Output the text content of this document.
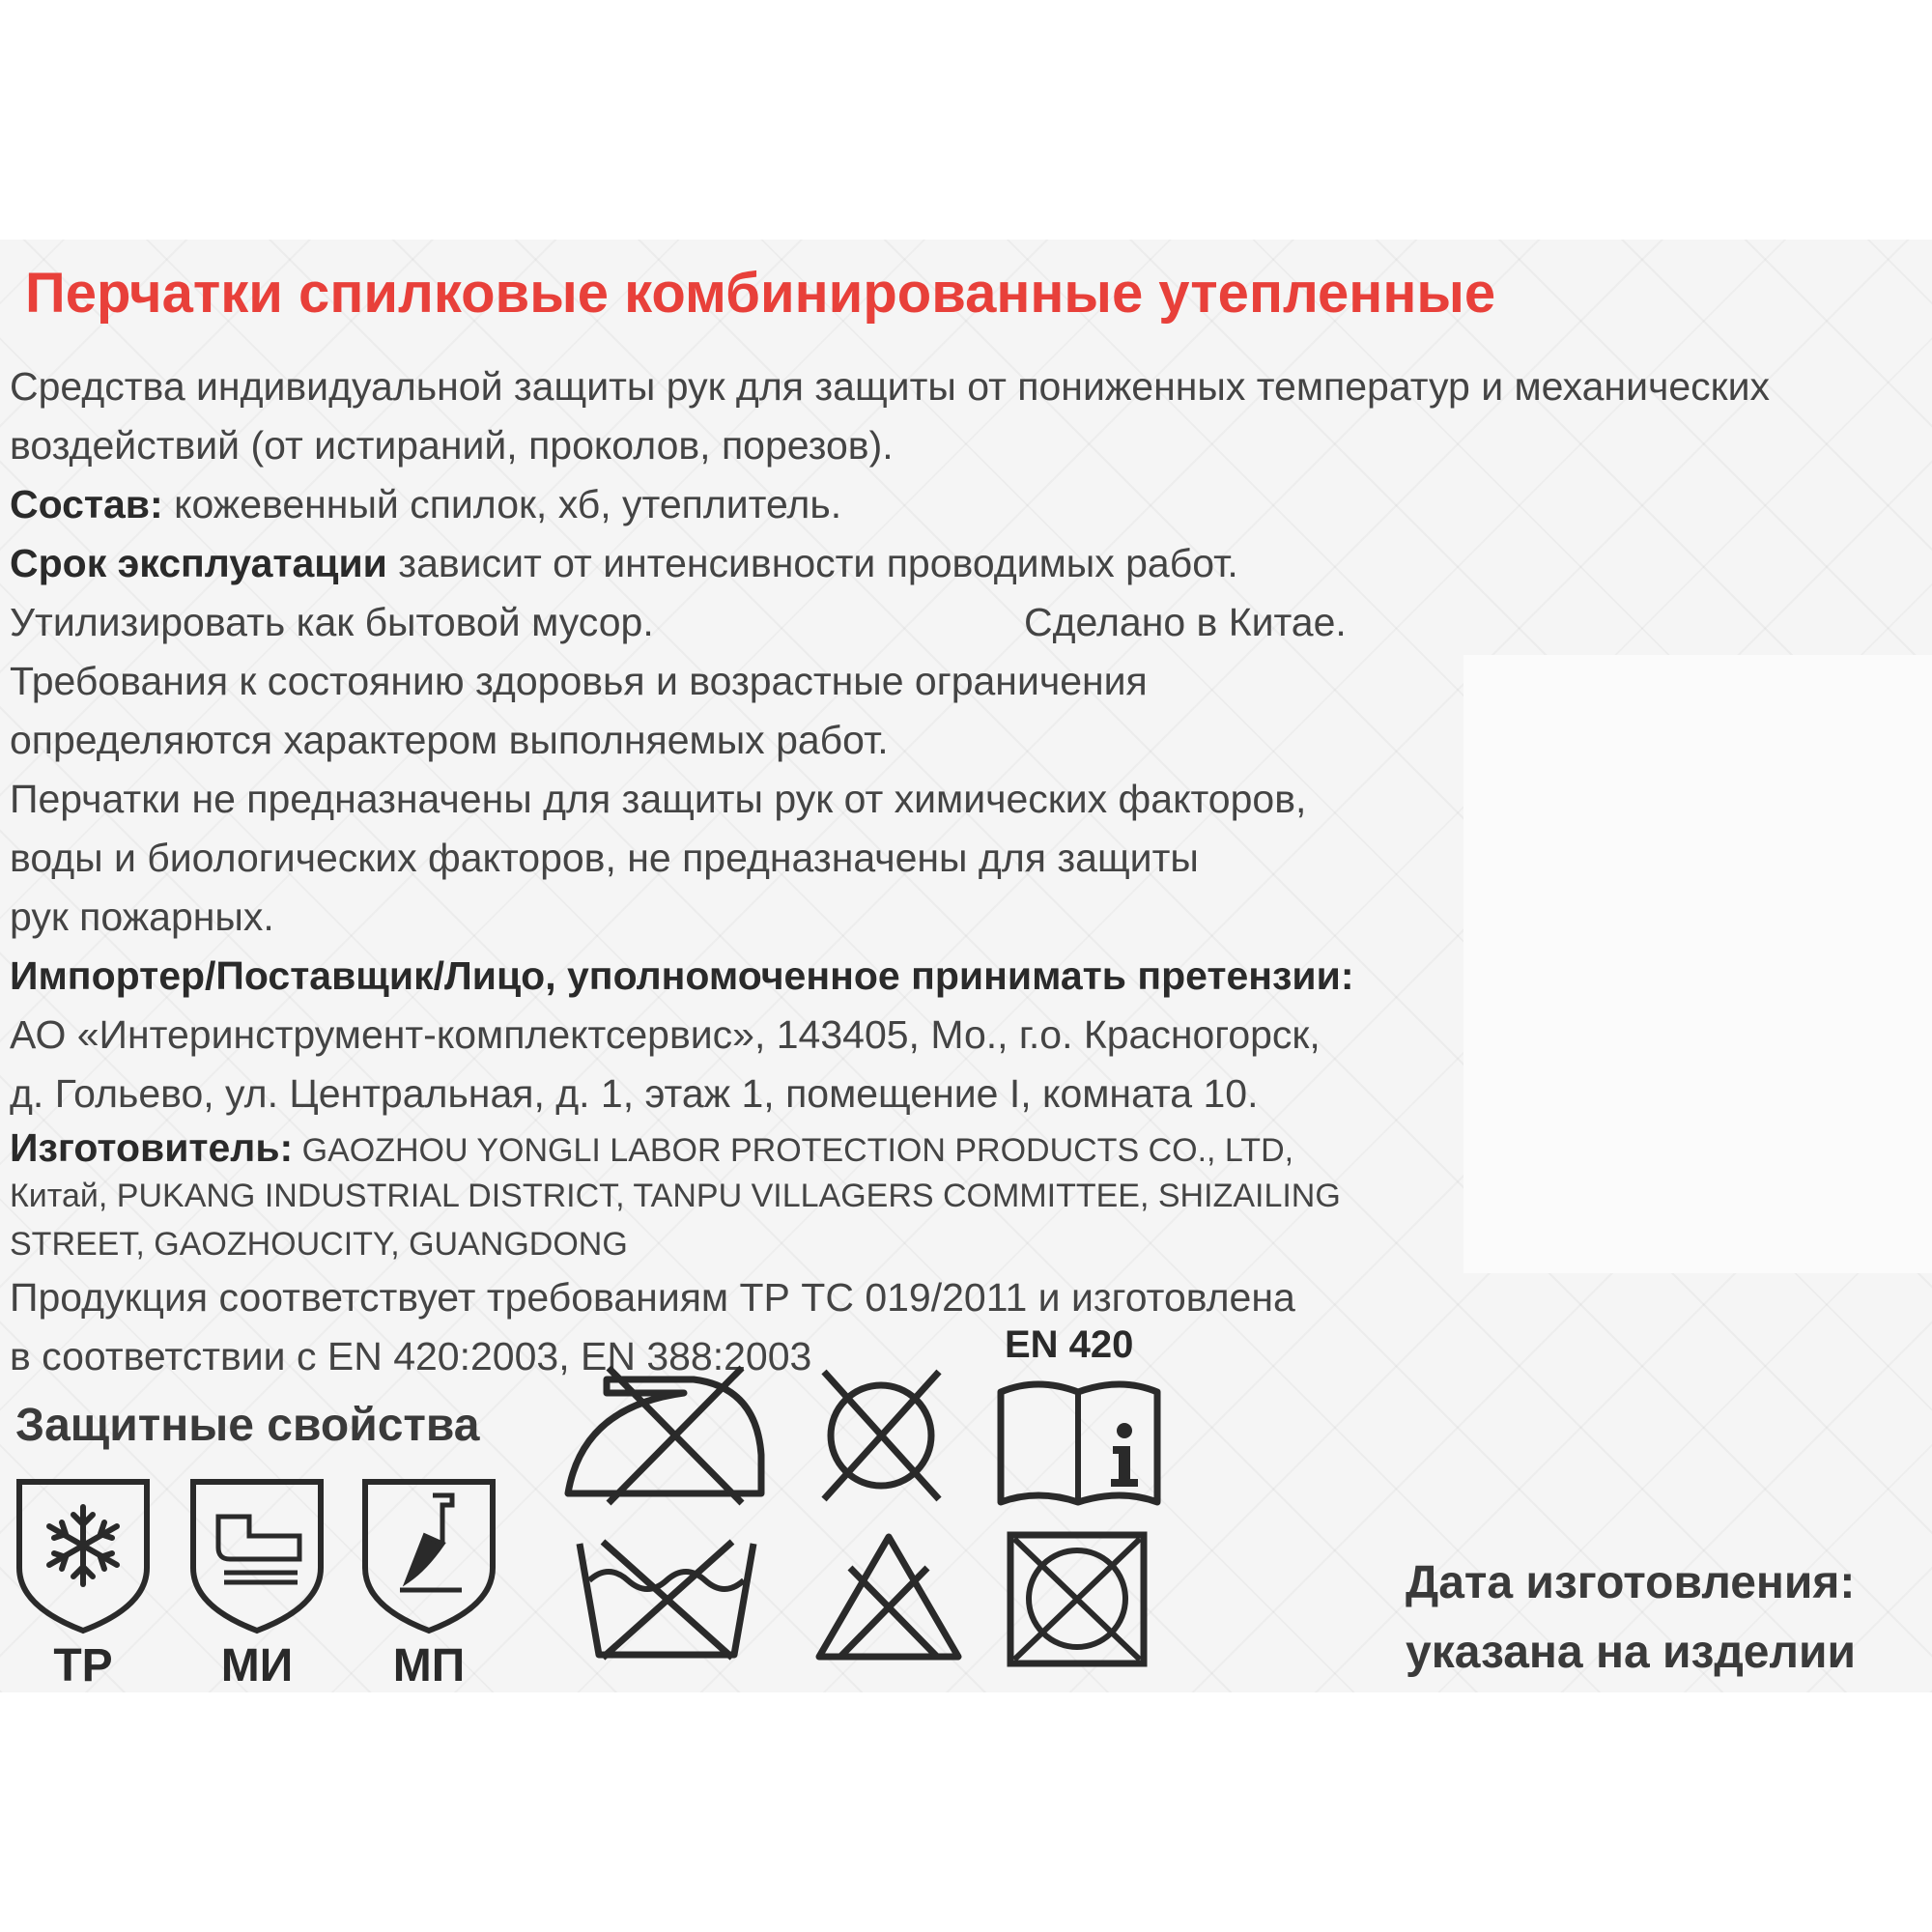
Перчатки спилковые комбинированные утепленные
Средства индивидуальной защиты рук для защиты от пониженных температур и механических
воздействий (от истираний, проколов, порезов).
Состав: кожевенный спилок, хб, утеплитель.
Срок эксплуатации зависит от интенсивности проводимых работ.
Утилизировать как бытовой мусор.	Сделано в Китае.
Требования к состоянию здоровья и возрастные ограничения
определяются характером выполняемых работ.
Перчатки не предназначены для защиты рук от химических факторов,
воды и биологических факторов, не предназначены для защиты
рук пожарных.
Импортер/Поставщик/Лицо, уполномоченное принимать претензии:
АО «Интеринструмент-комплектсервис», 143405, Мо., г.о. Красногорск,
д. Гольево, ул. Центральная, д. 1, этаж 1, помещение I, комната 10.
Изготовитель: GAOZHOU YONGLI LABOR PROTECTION PRODUCTS CO., LTD,
Китай, PUKANG INDUSTRIAL DISTRICT, TANPU VILLAGERS COMMITTEE, SHIZAILING
STREET, GAOZHOUCITY, GUANGDONG
Продукция соответствует требованиям ТР ТС 019/2011 и изготовлена
в соответствии с EN 420:2003, EN 388:2003
Защитные свойства
ТР	МИ	МП
EN 420
Дата изготовления:
указана на изделии
